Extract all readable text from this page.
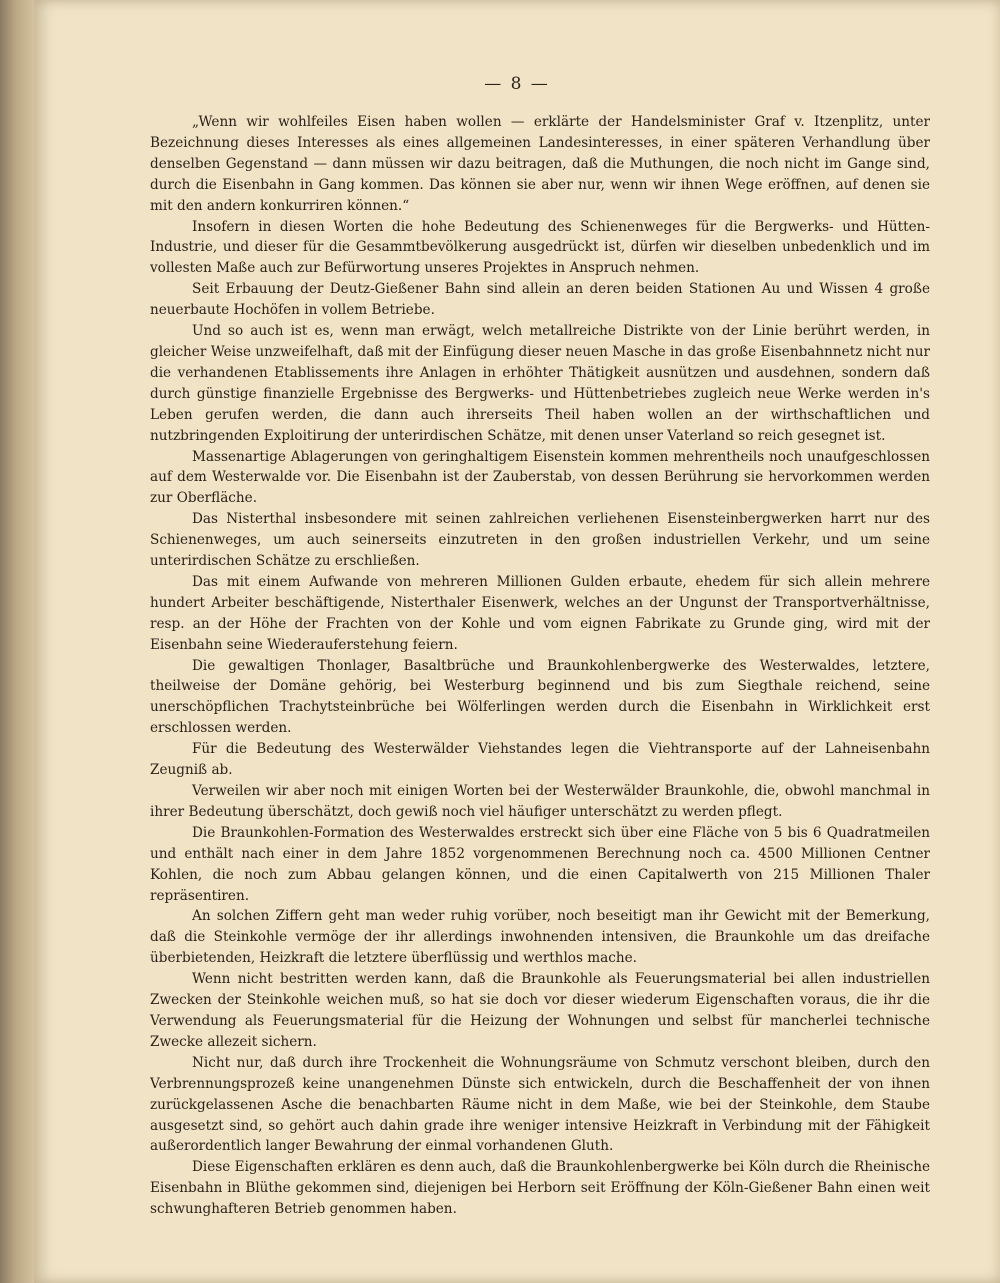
— 8 —

„Wenn wir wohlfeiles Eisen haben wollen — erklärte der Handelsminister Graf v. Itzenplitz, unter Bezeichnung dieses Interesses als eines allgemeinen Landesinteresses, in einer späteren Verhandlung über denselben Gegenstand — dann müssen wir dazu beitragen, daß die Muthungen, die noch nicht im Gange sind, durch die Eisenbahn in Gang kommen. Das können sie aber nur, wenn wir ihnen Wege eröffnen, auf denen sie mit den andern konkurriren können.“

Insofern in diesen Worten die hohe Bedeutung des Schienenweges für die Bergwerks- und Hütten-Industrie, und dieser für die Gesammtbevölkerung ausgedrückt ist, dürfen wir dieselben unbedenklich und im vollesten Maße auch zur Befürwortung unseres Projektes in Anspruch nehmen.

Seit Erbauung der Deutz-Gießener Bahn sind allein an deren beiden Stationen Au und Wissen 4 große neuerbaute Hochöfen in vollem Betriebe.

Und so auch ist es, wenn man erwägt, welch metallreiche Distrikte von der Linie berührt werden, in gleicher Weise unzweifelhaft, daß mit der Einfügung dieser neuen Masche in das große Eisenbahnnetz nicht nur die verhandenen Etablissements ihre Anlagen in erhöhter Thätigkeit ausnützen und ausdehnen, sondern daß durch günstige finanzielle Ergebnisse des Bergwerks- und Hüttenbetriebes zugleich neue Werke werden in's Leben gerufen werden, die dann auch ihrerseits Theil haben wollen an der wirthschaftlichen und nutzbringenden Exploitirung der unterirdischen Schätze, mit denen unser Vaterland so reich gesegnet ist.

Massenartige Ablagerungen von geringhaltigem Eisenstein kommen mehrentheils noch unaufgeschlossen auf dem Westerwalde vor. Die Eisenbahn ist der Zauberstab, von dessen Berührung sie hervorkommen werden zur Oberfläche.

Das Nisterthal insbesondere mit seinen zahlreichen verliehenen Eisensteinbergwerken harrt nur des Schienenweges, um auch seinerseits einzutreten in den großen industriellen Verkehr, und um seine unterirdischen Schätze zu erschließen.

Das mit einem Aufwande von mehreren Millionen Gulden erbaute, ehedem für sich allein mehrere hundert Arbeiter beschäftigende, Nisterthaler Eisenwerk, welches an der Ungunst der Transportverhältnisse, resp. an der Höhe der Frachten von der Kohle und vom eignen Fabrikate zu Grunde ging, wird mit der Eisenbahn seine Wiederauferstehung feiern.

Die gewaltigen Thonlager, Basaltbrüche und Braunkohlenbergwerke des Westerwaldes, letztere, theilweise der Domäne gehörig, bei Westerburg beginnend und bis zum Siegthale reichend, seine unerschöpflichen Trachytsteinbrüche bei Wölferlingen werden durch die Eisenbahn in Wirklichkeit erst erschlossen werden.

Für die Bedeutung des Westerwälder Viehstandes legen die Viehtransporte auf der Lahneisenbahn Zeugniß ab.

Verweilen wir aber noch mit einigen Worten bei der Westerwälder Braunkohle, die, obwohl manchmal in ihrer Bedeutung überschätzt, doch gewiß noch viel häufiger unterschätzt zu werden pflegt.

Die Braunkohlen-Formation des Westerwaldes erstreckt sich über eine Fläche von 5 bis 6 Quadratmeilen und enthält nach einer in dem Jahre 1852 vorgenommenen Berechnung noch ca. 4500 Millionen Centner Kohlen, die noch zum Abbau gelangen können, und die einen Capitalwerth von 215 Millionen Thaler repräsentiren.

An solchen Ziffern geht man weder ruhig vorüber, noch beseitigt man ihr Gewicht mit der Bemerkung, daß die Steinkohle vermöge der ihr allerdings inwohnenden intensiven, die Braunkohle um das dreifache überbietenden, Heizkraft die letztere überflüssig und werthlos mache.

Wenn nicht bestritten werden kann, daß die Braunkohle als Feuerungsmaterial bei allen industriellen Zwecken der Steinkohle weichen muß, so hat sie doch vor dieser wiederum Eigenschaften voraus, die ihr die Verwendung als Feuerungsmaterial für die Heizung der Wohnungen und selbst für mancherlei technische Zwecke allezeit sichern.

Nicht nur, daß durch ihre Trockenheit die Wohnungsräume von Schmutz verschont bleiben, durch den Verbrennungsprozeß keine unangenehmen Dünste sich entwickeln, durch die Beschaffenheit der von ihnen zurückgelassenen Asche die benachbarten Räume nicht in dem Maße, wie bei der Steinkohle, dem Staube ausgesetzt sind, so gehört auch dahin grade ihre weniger intensive Heizkraft in Verbindung mit der Fähigkeit außerordentlich langer Bewahrung der einmal vorhandenen Gluth.

Diese Eigenschaften erklären es denn auch, daß die Braunkohlenbergwerke bei Köln durch die Rheinische Eisenbahn in Blüthe gekommen sind, diejenigen bei Herborn seit Eröffnung der Köln-Gießener Bahn einen weit schwunghafteren Betrieb genommen haben.
